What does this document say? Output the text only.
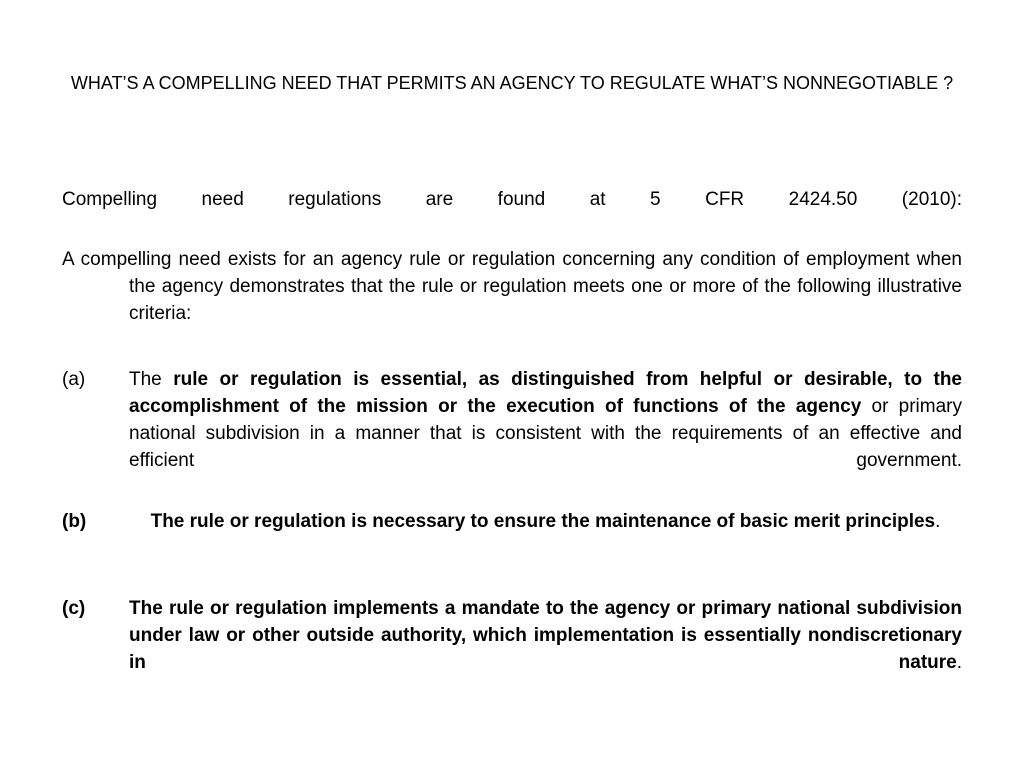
WHAT’S A COMPELLING NEED THAT PERMITS AN AGENCY TO REGULATE WHAT’S NONNEGOTIABLE ?
Compelling need regulations are found at 5 CFR 2424.50 (2010):
A compelling need exists for an agency rule or regulation concerning any condition of employment when the agency demonstrates that the rule or regulation meets one or more of the following illustrative criteria:
(a)	The rule or regulation is essential, as distinguished from helpful or desirable, to the accomplishment of the mission or the execution of functions of the agency or primary national subdivision in a manner that is consistent with the requirements of an effective and efficient government.
(b)	The rule or regulation is necessary to ensure the maintenance of basic merit principles.
(c)	The rule or regulation implements a mandate to the agency or primary national subdivision under law or other outside authority, which implementation is essentially nondiscretionary in nature.
